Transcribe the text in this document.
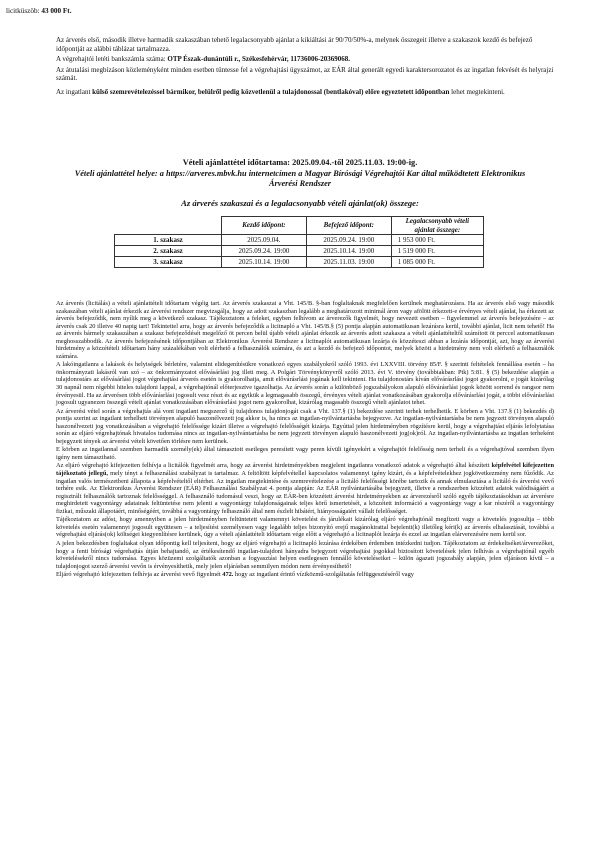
licitküszöb: 43 000 Ft.

Az árverés első, második illetve harmadik szakaszában tehető legalacsonyabb ajánlat a kikiáltási ár 90/70/50%-a, melynek összegeit illetve a szakaszok kezdő és befejező időpontját az alábbi táblázat tartalmazza.

A végrehajtói letéti bankszámla száma: OTP Észak-dunántúli r., Székesfehérvár, 11736006-20369068.

Az átutalási megbízáson közleményként minden esetben tüntesse fel a végrehajtási ügyszámot, az EÁR által generált egyedi karaktersorozatot és az ingatlan fekvését és helyrajzi számát.

Az ingatlant külső szemrevételezéssel bármikor, belülről pedig közvetlenül a tulajdonossal (bentlakóval) előre egyeztetett időpontban lehet megtekinteni.

Vételi ajánlattétel időtartama: 2025.09.04.-től 2025.11.03. 19:00-ig.
Vételi ajánlattétel helye: a https://arveres.mbvk.hu internetcímen a Magyar Bírósági Végrehajtói Kar által működtetett Elektronikus Árverési Rendszer
Az árverés szakaszai és a legalacsonyabb vételi ajánlat(ok) összege:
	Kezdő időpont:	Befejező időpont:	Legalacsonyabb vételi ajánlat összege:
1. szakasz	2025.09.04.	2025.09.24. 19:00	1 953 000 Ft.
2. szakasz	2025.09.24. 19:00	2025.10.14. 19:00	1 519 000 Ft.
3. szakasz	2025.10.14. 19:00	2025.11.03. 19:00	1 085 000 Ft.

Az árverés (licitálás) a vételi ajánlattételi időtartam végéig tart. Az árverés szakaszai a Vht. 145/B. §-ban foglaltaknak megfelelően kerülnek meghatározásra. Ha az árverés első vagy második szakaszában vételi ajánlat érkezik az árverési rendszer megvizsgálja, hogy az adott szakaszban legalább a meghatározott minimál áron vagy afölött érkezett-e érvényes vételi ajánlat, ha érkezett az árverés befejeződik, nem nyílik meg a következő szakasz. Tájékoztatom a feleket, egyben felhívom az árverezők figyelmét, hogy nevezett esetben – figyelemmel az árverés befejezésére – az árverés csak 20 illetve 40 napig tart! Tekintettel arra, hogy az árverés befejeződik a licitnapló a Vht. 145/B.§ (5) pontja alapján automatikusan lezárásra kerül, további ajánlat, licit nem tehető! Ha az árverés bármely szakaszában a szakasz befejeződését megelőző öt percen belül újabb vételi ajánlat érkezik az árverés adott szakasza a vételi ajánlattételtől számított öt perccel automatikusan meghosszabbodik. Az árverés befejezésének időpontjában az Elektronikus Árverési Rendszer a licitnaplót automatikusan lezárja és közzéteszi abban a lezárás időpontját, azt, hogy az árverési hirdetmény a közzétételi időtartam hány százalékában volt elérhető a felhasználók számára, és azt a kezdő és befejező időpontot, melyek között a hirdetmény nem volt elérhető a felhasználók számára.

A lakóingatlanra a lakások és helyiségek bérletére, valamint elidegenítésükre vonatkozó egyes szabályokról szóló 1993. évi LXXVIII. törvény 85/F. § szerinti feltételek fennállása esetén – ha önkormányzati lakásról van szó – az önkormányzatot elővásárlási jog illeti meg. A Polgári Törvénykönyvről szóló 2013. évi V. törvény (továbbiakban: Ptk) 5:81. § (5) bekezdése alapján a tulajdonostárs az elővásárlási jogot végrehajtási árverés esetén is gyakorolhatja, amit elővárásrlási jogának kell tekinteni. Ha tulajdonostárs kíván elővárásrlási jogot gyakorolni, e jogát kizárólag 30 napnál nem régebbi hiteles tulajdoni lappal, a végrehajtónál előterjesztve igazolhatja. Az árverés során a különböző jogszabályokon alapuló elővárásrlási jogok között sorrend és rangsor nem érvényesül. Ha az árverésen több elővárásrlási jogosult vesz részt és az egyikük a legmagasabb összegű, érvényes vételi ajánlat vonatkozásában gyakorolja elővárásrlási jogát, a többi elővárásrlási jogosult ugyanezen összegű vételi ajánlat vonatkozásában elővárásrlási jogot nem gyakorolhat, kizárólag magasabb összegű vételi ajánlatot tehet.

Az árverési vétel során a végrehajtás alá vont ingatlant megszerző új tulajdonos tulajdonjogát csak a Vht. 137.§ (1) bekezdése szerinti terhek terhelhetik. E körben a Vht. 137.§ (1) bekezdés d) pontja szerint az ingatlant terhelheti törvényen alapuló haszonélvezeti jog akkor is, ha nincs az ingatlan-nyilvántartásba bejegyezve. Az ingatlan-nyilvántartásba be nem jegyzett törvényen alapuló haszonélvezeti jog vonatkozásában a végrehajtó felelőssége kizárt illetve a végrehajtó felelősségét kizárja. Egyúttal jelen hirdetményben rögzítésre kerül, hogy a végrehajtási eljárás lefolytatása során az eljáró végrehajtónak hivatalos tudomása nincs az ingatlan-nyilvántartásba be nem jegyzett törvényen alapuló haszonélvezeti jog(ok)ról. Az ingatlan-nyilvántartásba az ingatlan terheként bejegyzett tények az árverési vételt követően törlésre nem kerülnek.

E körben az ingatlannal szemben harmadik személy(ek) által támasztott esetleges peresített vagy peren kívüli igényekért a végrehajtót felelősség nem terheli és a végrehajtóval szemben ilyen igény nem támasztható.

Az eljáró végrehajtó kifejezetten felhívja a licitálók figyelmét arra, hogy az árverési hirdetményekben megjelent ingatlanra vonatkozó adatok a végrehajtó által készített képfelvétel kifejezetten tájékoztató jellegű, mely tényt a felhasználási szabályzat is tartalmaz. A feltöltött képfelvétellel kapcsolatos valamennyi igény kizárt, és a képfelvételekhez jogkövetkezmény nem fűződik. Az ingatlan valós természetbeni állapota a képfelvételtől eltérhet. Az ingatlan megtekintése és szemrevételezése a licitáló felelősségi körébe tartozik és annak elmulasztása a licitáló és árverési vevő terhére esik. Az Elektronikus Árverési Rendszer (EÁR) Felhasználási Szabályzat 4. pontja alapján: Az EÁR nyilvántartásába bejegyzett, illetve a rendszerben közzétett adatok valódiságáért a regisztrált felhasználók tartoznak felelősséggel. A felhasználó tudomásul veszi, hogy az EÁR-ben közzétett árverési hirdetményekben az árverezésről szóló egyéb tájékoztatásokban az árverésre meghirdetett vagyontárgy adatainak feltüntetése nem jelenti a vagyontárgy tulajdonságainak teljes körű ismertetését, a közzétett információ a vagyontárgy vagy a kar részéről a vagyontárgy fizikai, műszaki állapotáért, minőségéért, továbbá a vagyontárgy felhasználó által nem észlelt hibáiért, hiányosságaiért vállalt felelősséget.

Tájékoztatom az adóst, hogy amennyiben a jelen hirdetményben feltüntetett valamennyi követelést és járulékait kizárólag eljáró végrehajtónál megfizeti vagy a követelés jogosultja – több követelés esetén valamennyi jogosult együttesen – a teljesítést személyesen vagy legalább teljes bizonyító erejű magánokirattal bejelenti(k) illetőleg kéri(k) az árverés elhalasztását, továbbá a végrehajtási eljárás(ok) költségei kiegyenlítésre kerülnek, úgy a vételi ajánlattételi időtartam vége előtt a végrehajtó a licitnaplót lezárja és ezzel az ingatlan elárverezésére nem kerül sor.

A jelen bekezdésben foglaltakat olyan időpontig kell teljesíteni, hogy az eljáró végrehajtó a licitnapló lezárása érdekében érdemben intézkedni tudjon. Tájékoztatom az érdekeltséket/árverezőket, hogy a fenti bírósági végrehajtás útján behajtandó, az értékesítendő ingatlan-tulajdoni hányadra bejegyzett végrehajtási jogokkal biztosított követelések jelen felhívás a végrehajtónál egyéb követelésekről nincs tudomása. Egyes közüzemi szolgáltatók azonban a fogyasztási helyen esetlegesen fennálló követeléseiket – külön ágazati jogszabály alapján, jelen eljáráson kívül – a tulajdonjogot szerző árverési vevőn is érvényesíthetik, mely jelen eljárásban semmilyen módon nem érvényesíthető!

Eljáró végrehajtó kifejezetten felhívja az árverési vevő figyelmét 472. hogy az ingatlant érintő víziközmű-szolgáltatás felfüggesztéséről vagy
